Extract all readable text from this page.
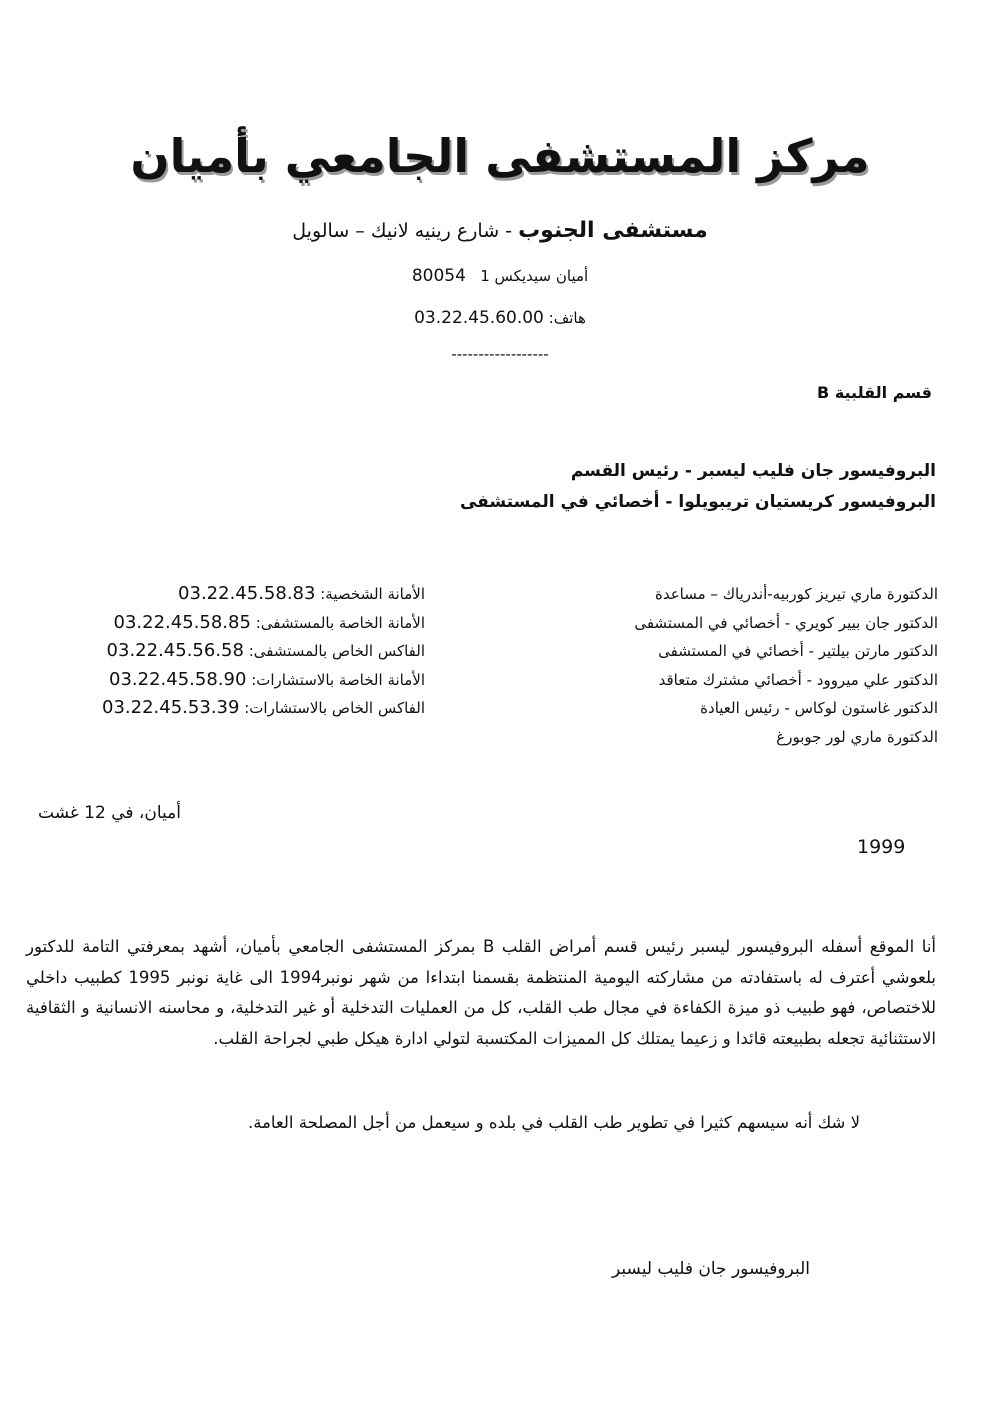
مركز المستشفى الجامعي بأميان
مستشفى الجنوب - شارع رينيه لانيك – سالويل
80054 أميان سيديكس 1
03.22.45.60.00 هاتف:
------------------
قسم القلبية B
البروفيسور جان فليب ليسبر - رئيس القسم
البروفيسور كريستيان تريبويلوا - أخصائي في المستشفى
الدكتورة ماري تيريز كوربيه-أندرياك – مساعدة
الدكتور جان بيير كويري - أخصائي في المستشفى
الدكتور مارتن بيلتير - أخصائي في المستشفى
الدكتور علي ميروود - أخصائي مشترك متعاقد
الدكتور غاستون لوكاس - رئيس العيادة
الدكتورة ماري لور جوبورغ
الأمانة الشخصية: 03.22.45.58.83
الأمانة الخاصة بالمستشفى: 03.22.45.58.85
الفاكس الخاص بالمستشفى: 03.22.45.56.58
الأمانة الخاصة بالاستشارات: 03.22.45.58.90
الفاكس الخاص بالاستشارات: 03.22.45.53.39
أميان، في 12 غشت
1999
أنا الموقع أسفله البروفيسور ليسبر رئيس قسم أمراض القلب B بمركز المستشفى الجامعي بأميان، أشهد بمعرفتي التامة للدكتور بلعوشي أعترف له باستفادته من مشاركته اليومية المنتظمة بقسمنا ابتداءا من شهر نونبر1994 الى غاية نونبر 1995 كطبيب داخلي للاختصاص، فهو طبيب ذو ميزة الكفاءة في مجال طب القلب، كل من العمليات التدخلية أو غير التدخلية، و محاسنه الانسانية و الثقافية الاستثنائية تجعله بطبيعته قائدا و زعيما يمتلك كل المميزات المكتسبة لتولي ادارة هيكل طبي لجراحة القلب.
لا شك أنه سيسهم كثيرا في تطوير طب القلب في بلده و سيعمل من أجل المصلحة العامة.
البروفيسور جان فليب ليسبر
